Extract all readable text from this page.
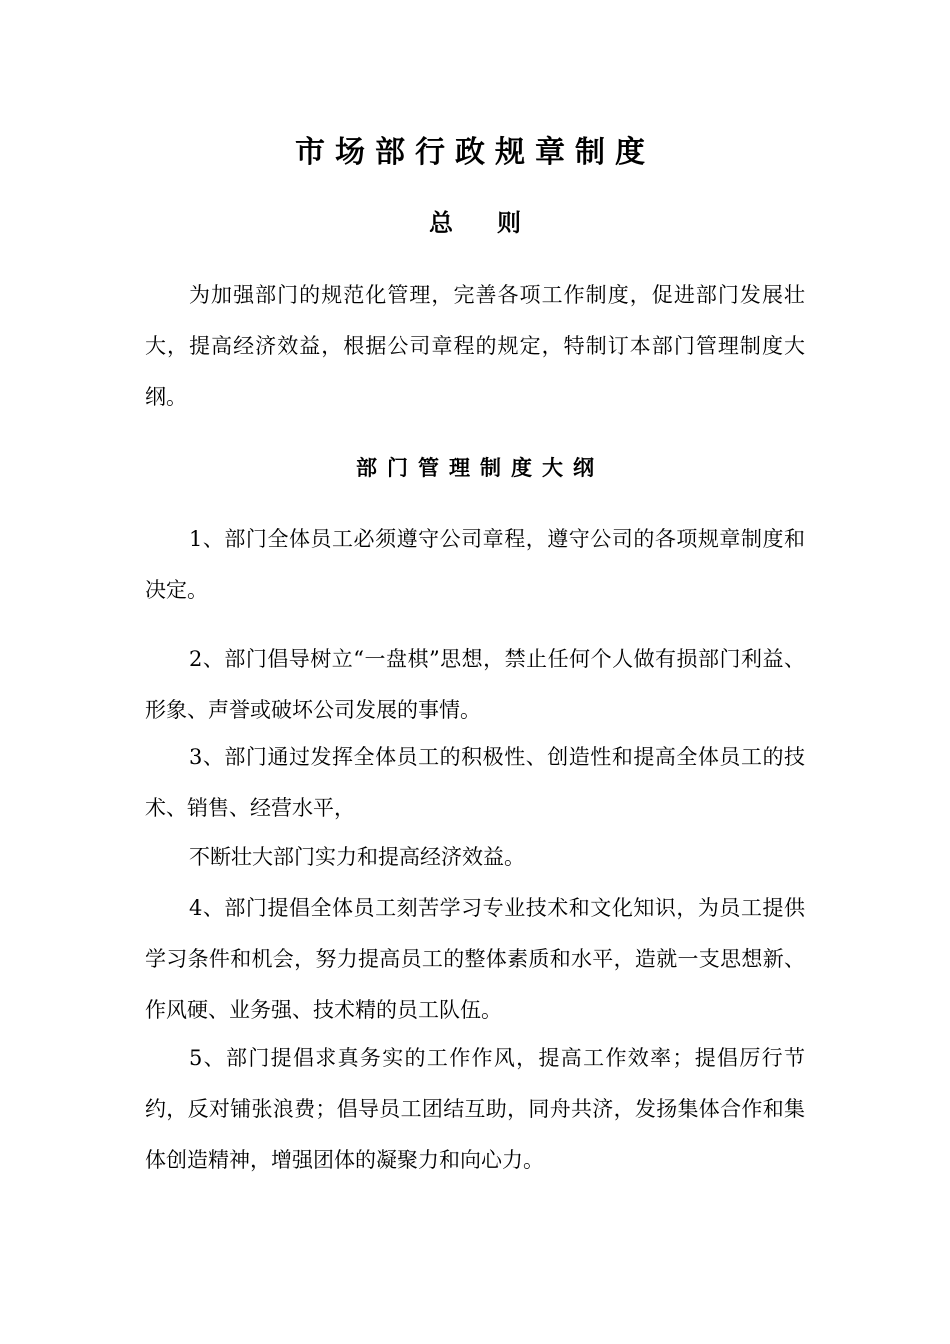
市场部行政规章制度
总则

为加强部门的规范化管理，完善各项工作制度，促进部门发展壮大，提高经济效益，根据公司章程的规定，特制订本部门管理制度大纲。

部门管理制度大纲

1、部门全体员工必须遵守公司章程，遵守公司的各项规章制度和决定。

2、部门倡导树立“一盘棋”思想，禁止任何个人做有损部门利益、形象、声誉或破坏公司发展的事情。

3、部门通过发挥全体员工的积极性、创造性和提高全体员工的技术、销售、经营水平，

不断壮大部门实力和提高经济效益。

4、部门提倡全体员工刻苦学习专业技术和文化知识，为员工提供学习条件和机会，努力提高员工的整体素质和水平，造就一支思想新、作风硬、业务强、技术精的员工队伍。

5、部门提倡求真务实的工作作风，提高工作效率；提倡厉行节约，反对铺张浪费；倡导员工团结互助，同舟共济，发扬集体合作和集体创造精神，增强团体的凝聚力和向心力。
